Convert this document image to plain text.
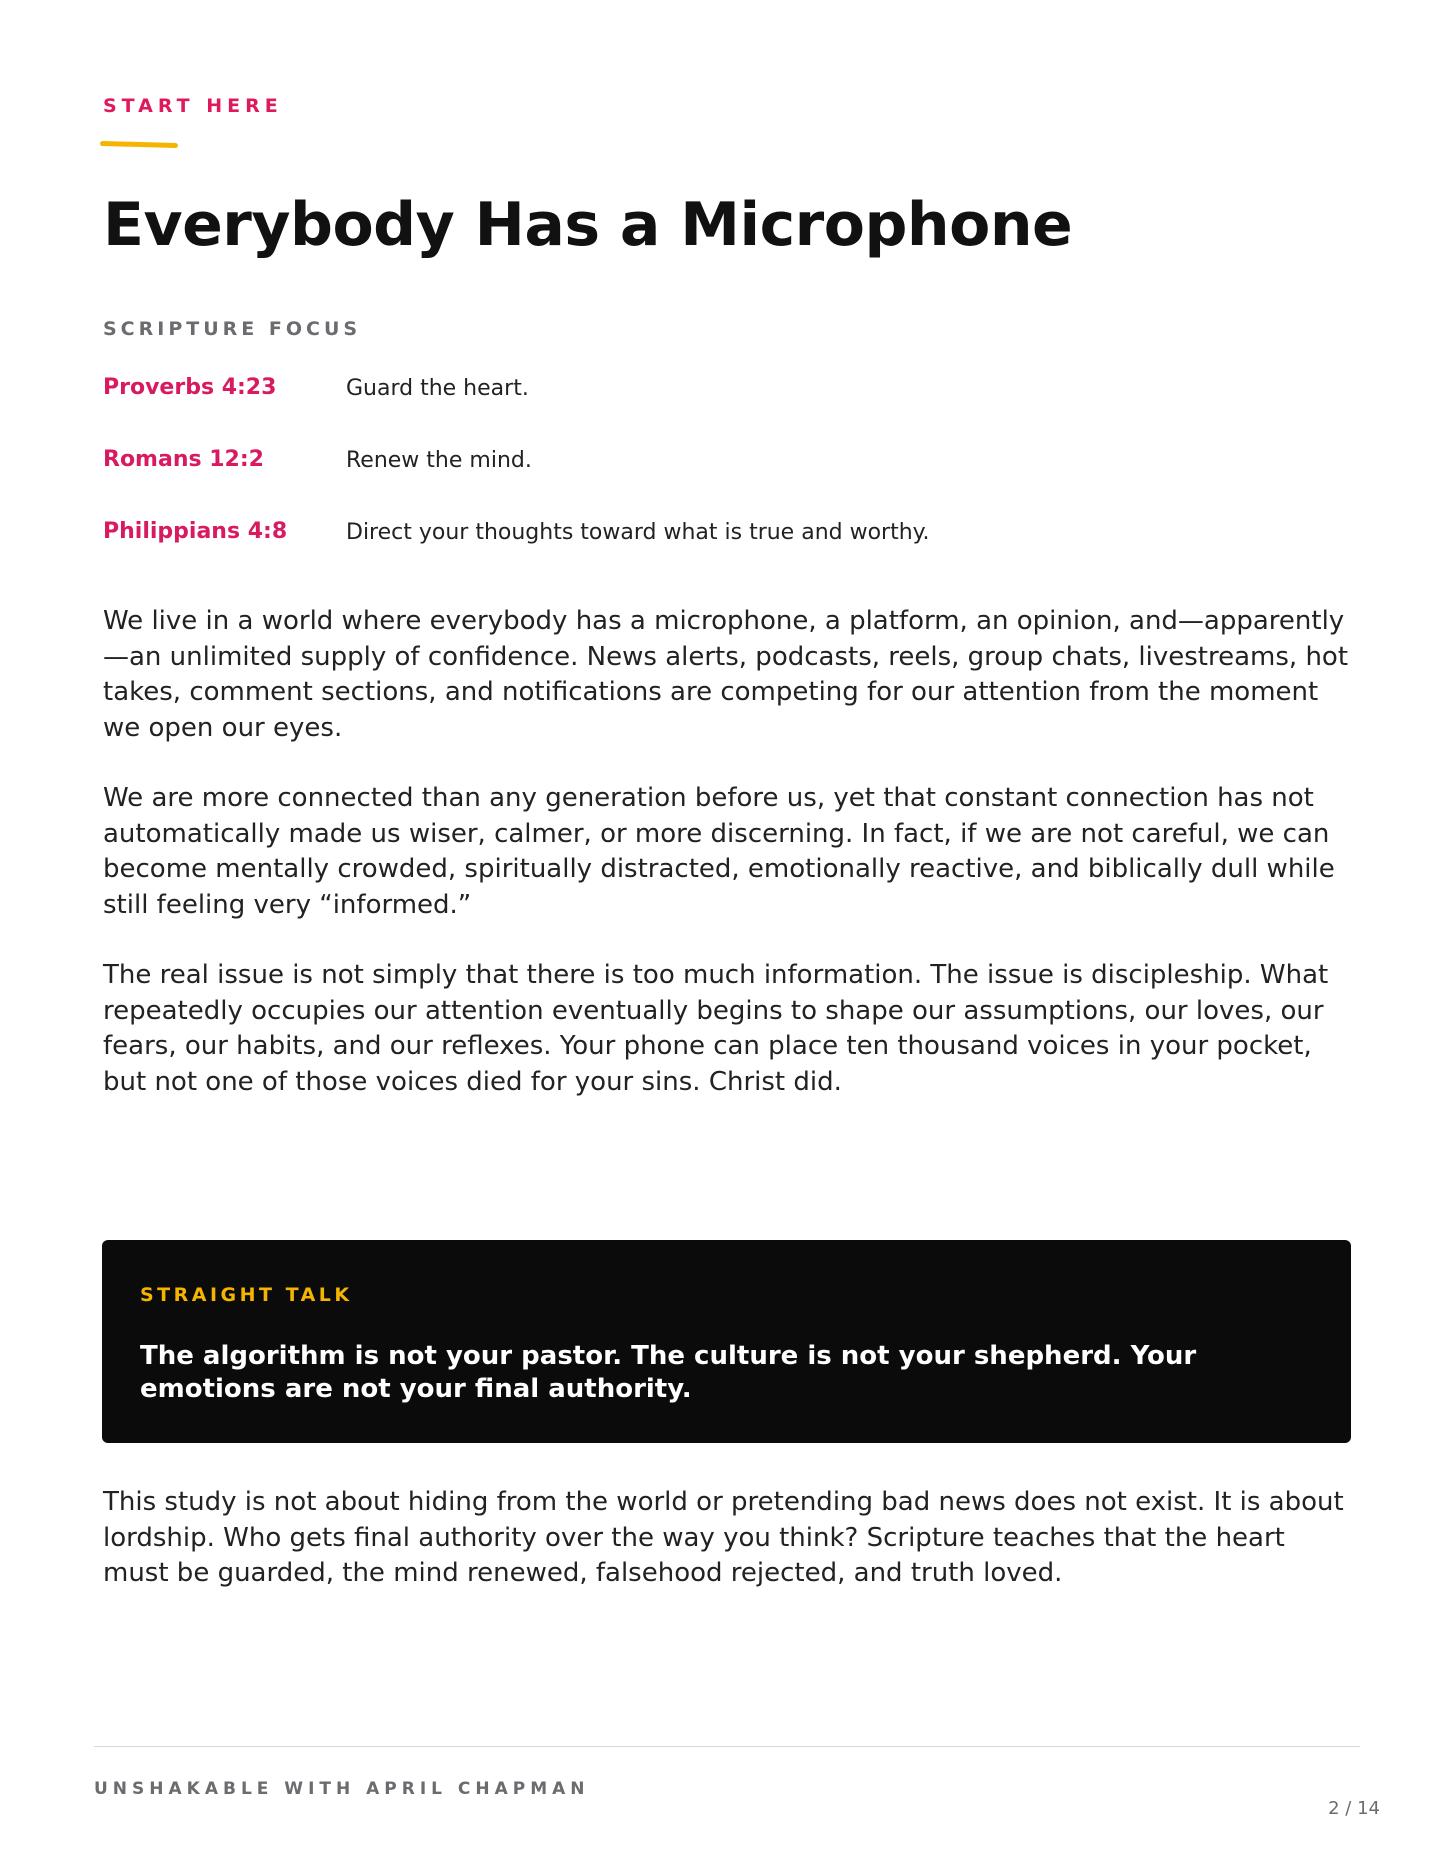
START HERE
Everybody Has a Microphone
SCRIPTURE FOCUS
Proverbs 4:23	Guard the heart.
Romans 12:2	Renew the mind.
Philippians 4:8	Direct your thoughts toward what is true and worthy.

We live in a world where everybody has a microphone, a platform, an opinion, and—apparently —an unlimited supply of confidence. News alerts, podcasts, reels, group chats, livestreams, hot takes, comment sections, and notifications are competing for our attention from the moment we open our eyes.

We are more connected than any generation before us, yet that constant connection has not automatically made us wiser, calmer, or more discerning. In fact, if we are not careful, we can become mentally crowded, spiritually distracted, emotionally reactive, and biblically dull while still feeling very “informed.”

The real issue is not simply that there is too much information. The issue is discipleship. What repeatedly occupies our attention eventually begins to shape our assumptions, our loves, our fears, our habits, and our reflexes. Your phone can place ten thousand voices in your pocket, but not one of those voices died for your sins. Christ did.

STRAIGHT TALK

The algorithm is not your pastor. The culture is not your shepherd. Your emotions are not your final authority.

This study is not about hiding from the world or pretending bad news does not exist. It is about lordship. Who gets final authority over the way you think? Scripture teaches that the heart must be guarded, the mind renewed, falsehood rejected, and truth loved.

UNSHAKABLE WITH APRIL CHAPMAN
2 / 14
